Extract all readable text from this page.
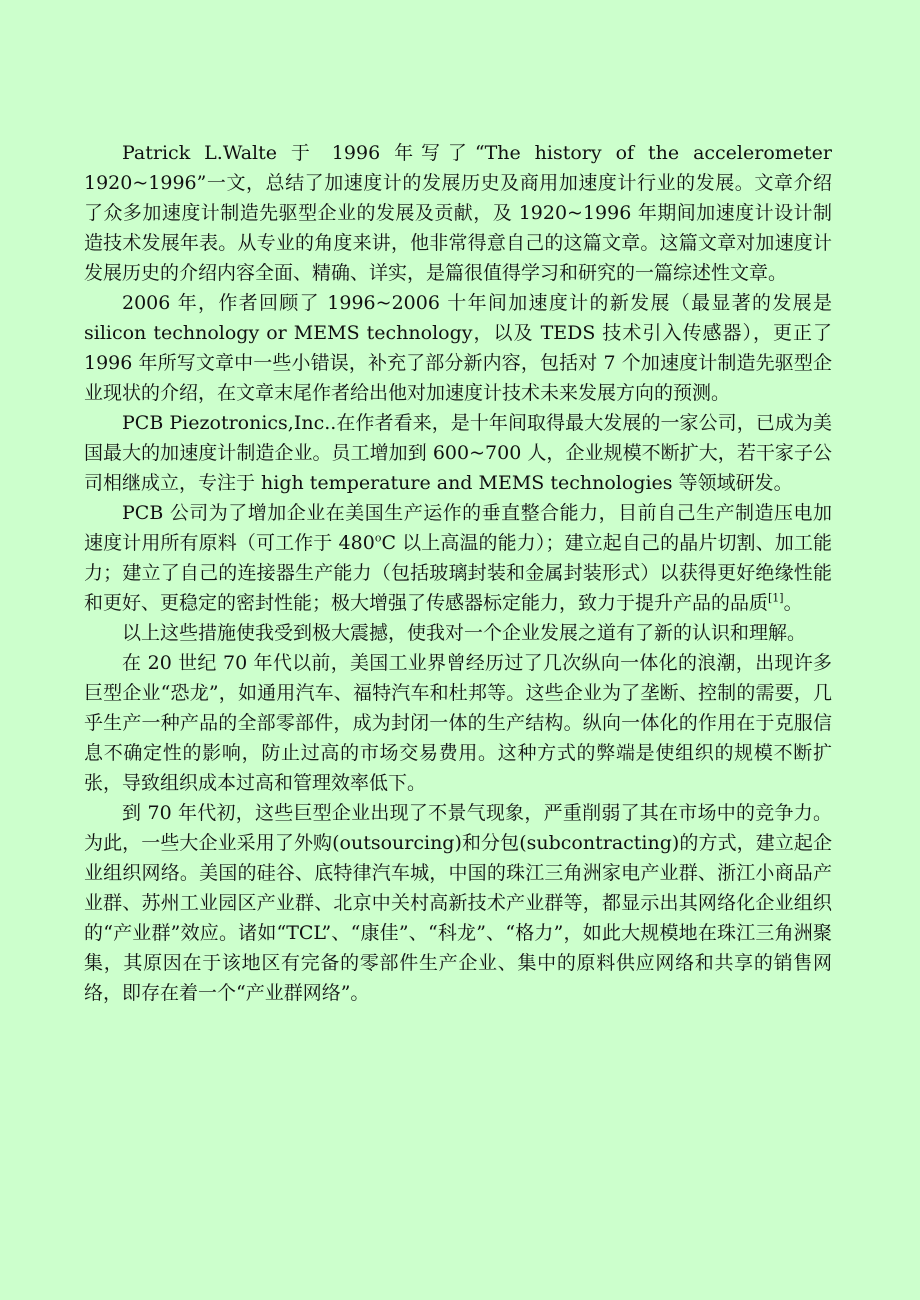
Patrick L.Walte 于 1996 年写了“The history of the accelerometer 1920~1996”一文，总结了加速度计的发展历史及商用加速度计行业的发展。文章介绍了众多加速度计制造先驱型企业的发展及贡献，及 1920~1996 年期间加速度计设计制造技术发展年表。从专业的角度来讲，他非常得意自己的这篇文章。这篇文章对加速度计发展历史的介绍内容全面、精确、详实，是篇很值得学习和研究的一篇综述性文章。

2006 年，作者回顾了 1996~2006 十年间加速度计的新发展（最显著的发展是 silicon technology or MEMS technology，以及 TEDS 技术引入传感器），更正了 1996 年所写文章中一些小错误，补充了部分新内容，包括对 7 个加速度计制造先驱型企业现状的介绍，在文章末尾作者给出他对加速度计技术未来发展方向的预测。

PCB Piezotronics,Inc..在作者看来，是十年间取得最大发展的一家公司，已成为美国最大的加速度计制造企业。员工增加到 600~700 人，企业规模不断扩大，若干家子公司相继成立，专注于 high temperature and MEMS technologies 等领域研发。

PCB 公司为了增加企业在美国生产运作的垂直整合能力，目前自己生产制造压电加速度计用所有原料（可工作于 480$^o$C 以上高温的能力）；建立起自己的晶片切割、加工能力；建立了自己的连接器生产能力（包括玻璃封装和金属封装形式）以获得更好绝缘性能和更好、更稳定的密封性能；极大增强了传感器标定能力，致力于提升产品的品质[1]。

以上这些措施使我受到极大震撼，使我对一个企业发展之道有了新的认识和理解。

在 20 世纪 70 年代以前，美国工业界曾经历过了几次纵向一体化的浪潮，出现许多巨型企业“恐龙”，如通用汽车、福特汽车和杜邦等。这些企业为了垄断、控制的需要，几乎生产一种产品的全部零部件，成为封闭一体的生产结构。纵向一体化的作用在于克服信息不确定性的影响，防止过高的市场交易费用。这种方式的弊端是使组织的规模不断扩张，导致组织成本过高和管理效率低下。

到 70 年代初，这些巨型企业出现了不景气现象，严重削弱了其在市场中的竞争力。为此，一些大企业采用了外购(outsourcing)和分包(subcontracting)的方式，建立起企业组织网络。美国的硅谷、底特律汽车城，中国的珠江三角洲家电产业群、浙江小商品产业群、苏州工业园区产业群、北京中关村高新技术产业群等，都显示出其网络化企业组织的“产业群”效应。诸如“TCL”、“康佳”、“科龙”、“格力”，如此大规模地在珠江三角洲聚集，其原因在于该地区有完备的零部件生产企业、集中的原料供应网络和共享的销售网络，即存在着一个“产业群网络”。
